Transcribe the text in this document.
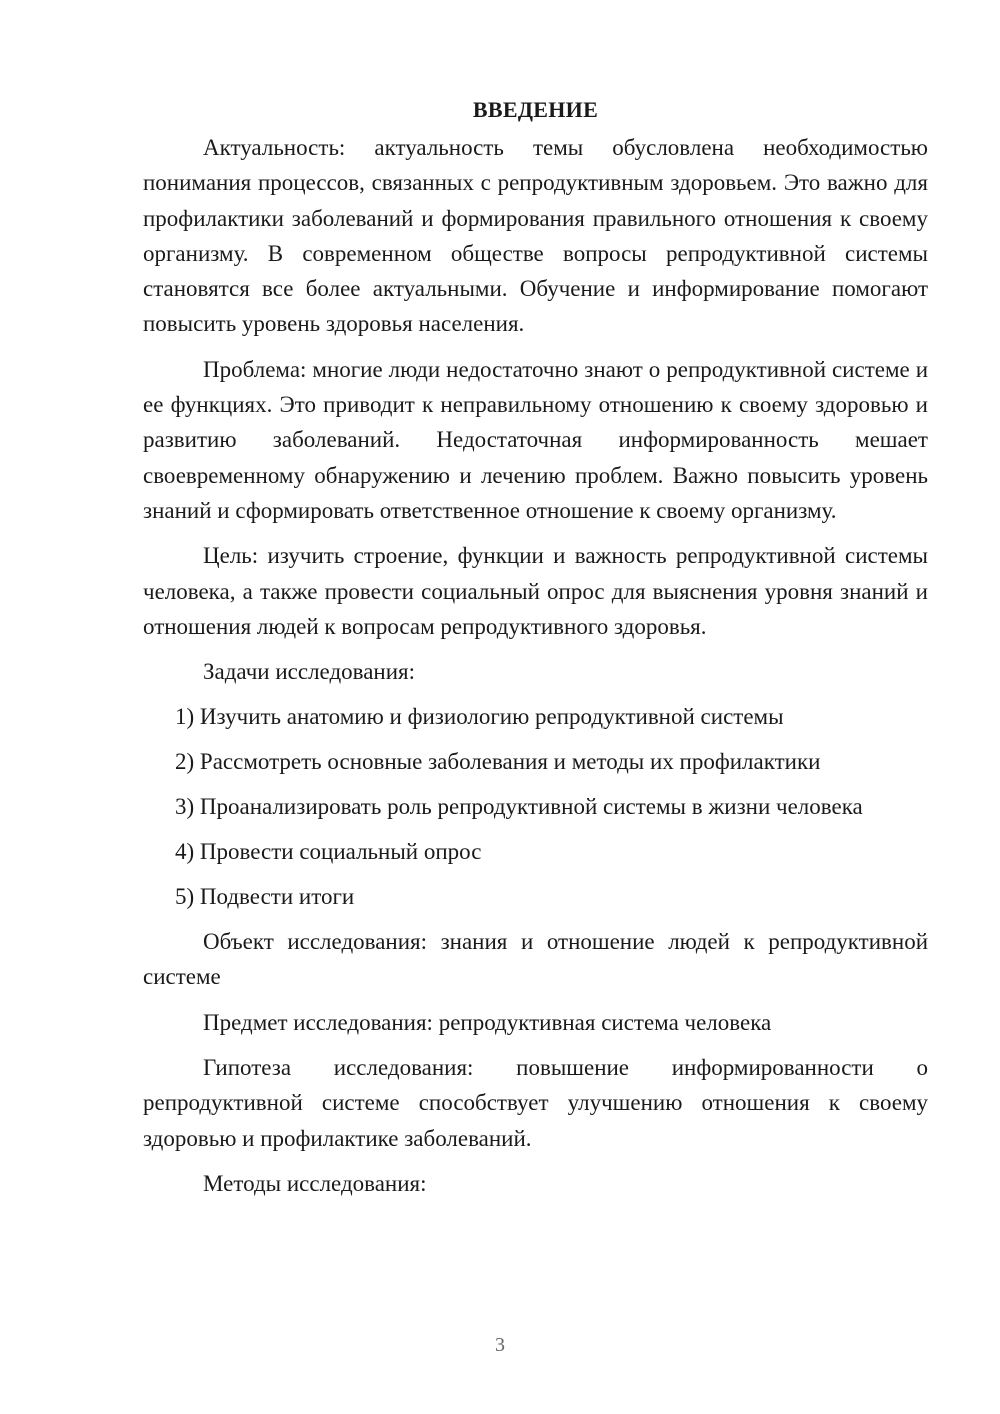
ВВЕДЕНИЕ

Актуальность: актуальность темы обусловлена необходимостью понимания процессов, связанных с репродуктивным здоровьем. Это важно для профилактики заболеваний и формирования правильного отношения к своему организму. В современном обществе вопросы репродуктивной системы становятся все более актуальными. Обучение и информирование помогают повысить уровень здоровья населения.

Проблема: многие люди недостаточно знают о репродуктивной системе и ее функциях. Это приводит к неправильному отношению к своему здоровью и развитию заболеваний. Недостаточная информированность мешает своевременному обнаружению и лечению проблем. Важно повысить уровень знаний и сформировать ответственное отношение к своему организму.

Цель: изучить строение, функции и важность репродуктивной системы человека, а также провести социальный опрос для выяснения уровня знаний и отношения людей к вопросам репродуктивного здоровья.

Задачи исследования:
1) Изучить анатомию и физиологию репродуктивной системы
2) Рассмотреть основные заболевания и методы их профилактики
3) Проанализировать роль репродуктивной системы в жизни человека
4) Провести социальный опрос
5) Подвести итоги

Объект исследования: знания и отношение людей к репродуктивной системе

Предмет исследования: репродуктивная система человека

Гипотеза исследования: повышение информированности о репродуктивной системе способствует улучшению отношения к своему здоровью и профилактике заболеваний.

Методы исследования:
3
